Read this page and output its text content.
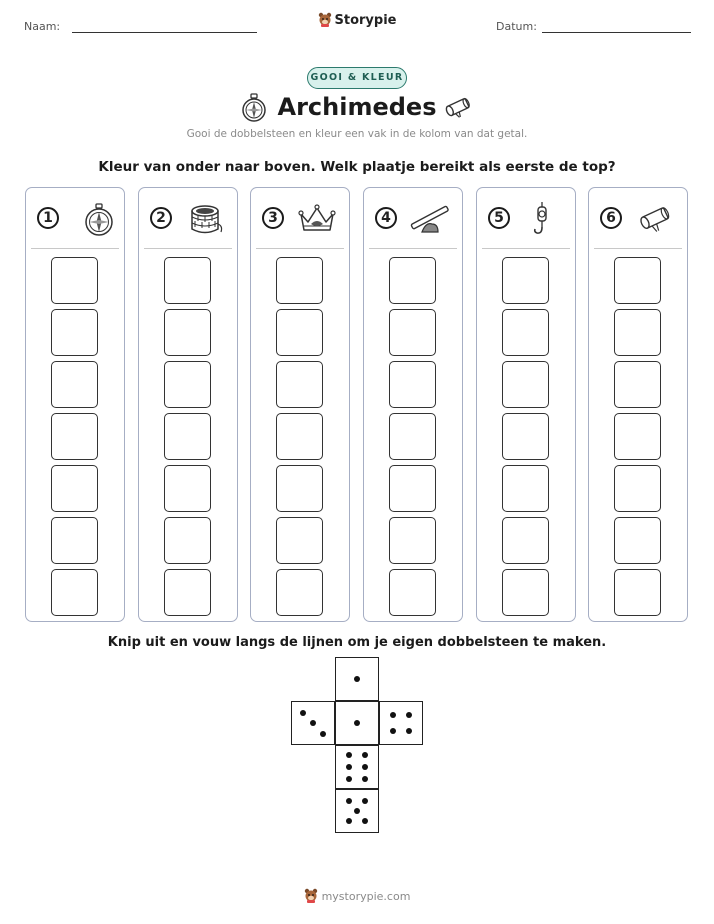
Naam:	Storypie	Datum:
GOOI & KLEUR
Archimedes
Gooi de dobbelsteen en kleur een vak in de kolom van dat getal.
Kleur van onder naar boven. Welk plaatje bereikt als eerste de top?
1	2	3	4	5	6
Knip uit en vouw langs de lijnen om je eigen dobbelsteen te maken.
mystorypie.com
